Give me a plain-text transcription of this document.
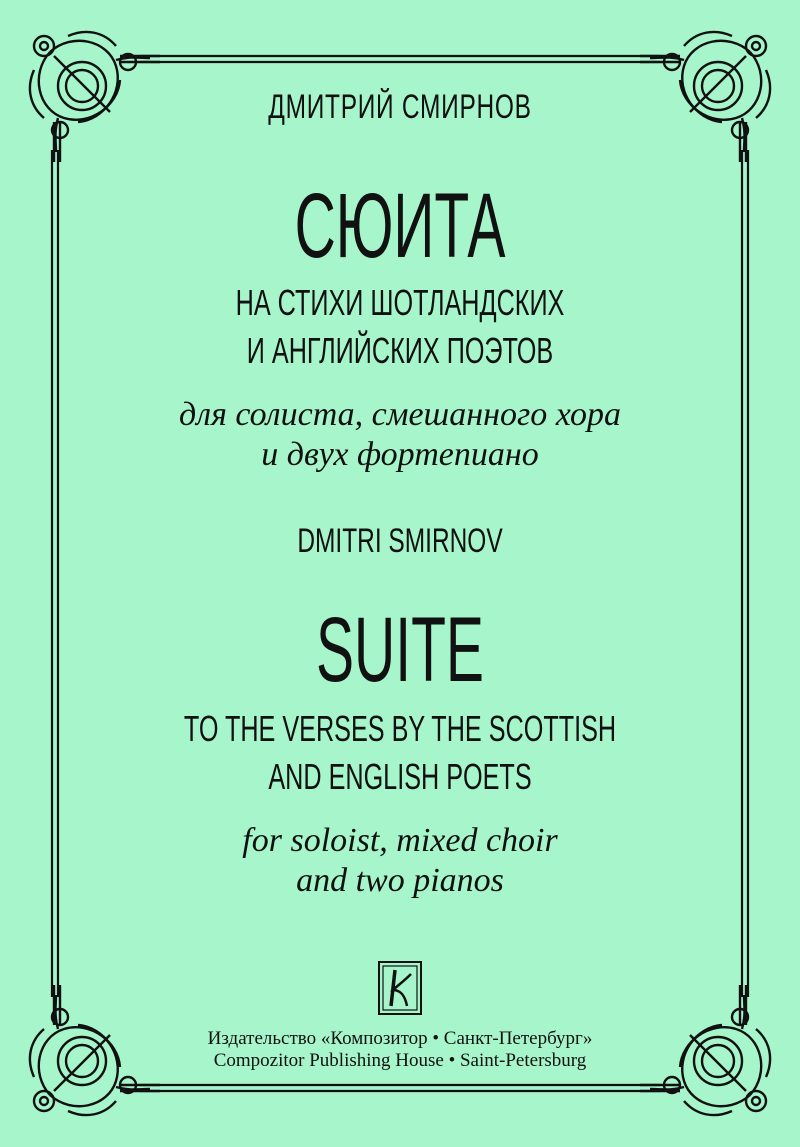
ДМИТРИЙ СМИРНОВ
СЮИТА
НА СТИХИ ШОТЛАНДСКИХ
И АНГЛИЙСКИХ ПОЭТОВ
для солиста, смешанного хора
и двух фортепиано
DMITRI SMIRNOV
SUITE
TO THE VERSES BY THE SCOTTISH
AND ENGLISH POETS
for soloist, mixed choir
and two pianos
Издательство «Композитор • Санкт-Петербург»
Compozitor Publishing House • Saint-Petersburg
